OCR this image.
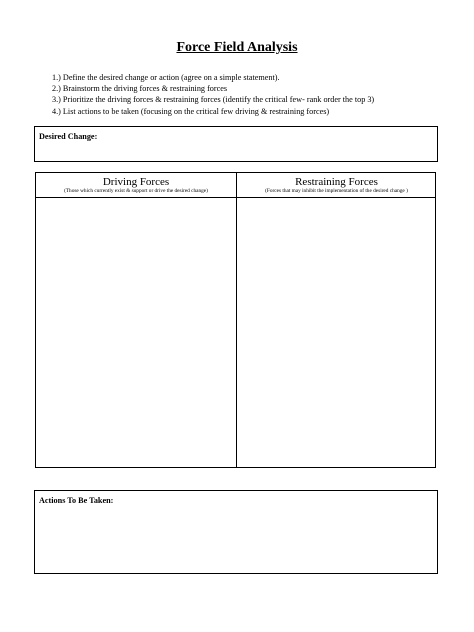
Force Field Analysis
1.) Define the desired change or action (agree on a simple statement).
2.) Brainstorm the driving forces & restraining forces
3.) Prioritize the driving forces & restraining forces (identify the critical few- rank order the top 3)
4.) List actions to be taken (focusing on the critical few driving & restraining forces)
Desired Change:
Driving Forces
(Those which currently exist & support or drive the desired change)
Restraining Forces
(Forces that may inhibit the implementation of the desired change )
Actions To Be Taken:
